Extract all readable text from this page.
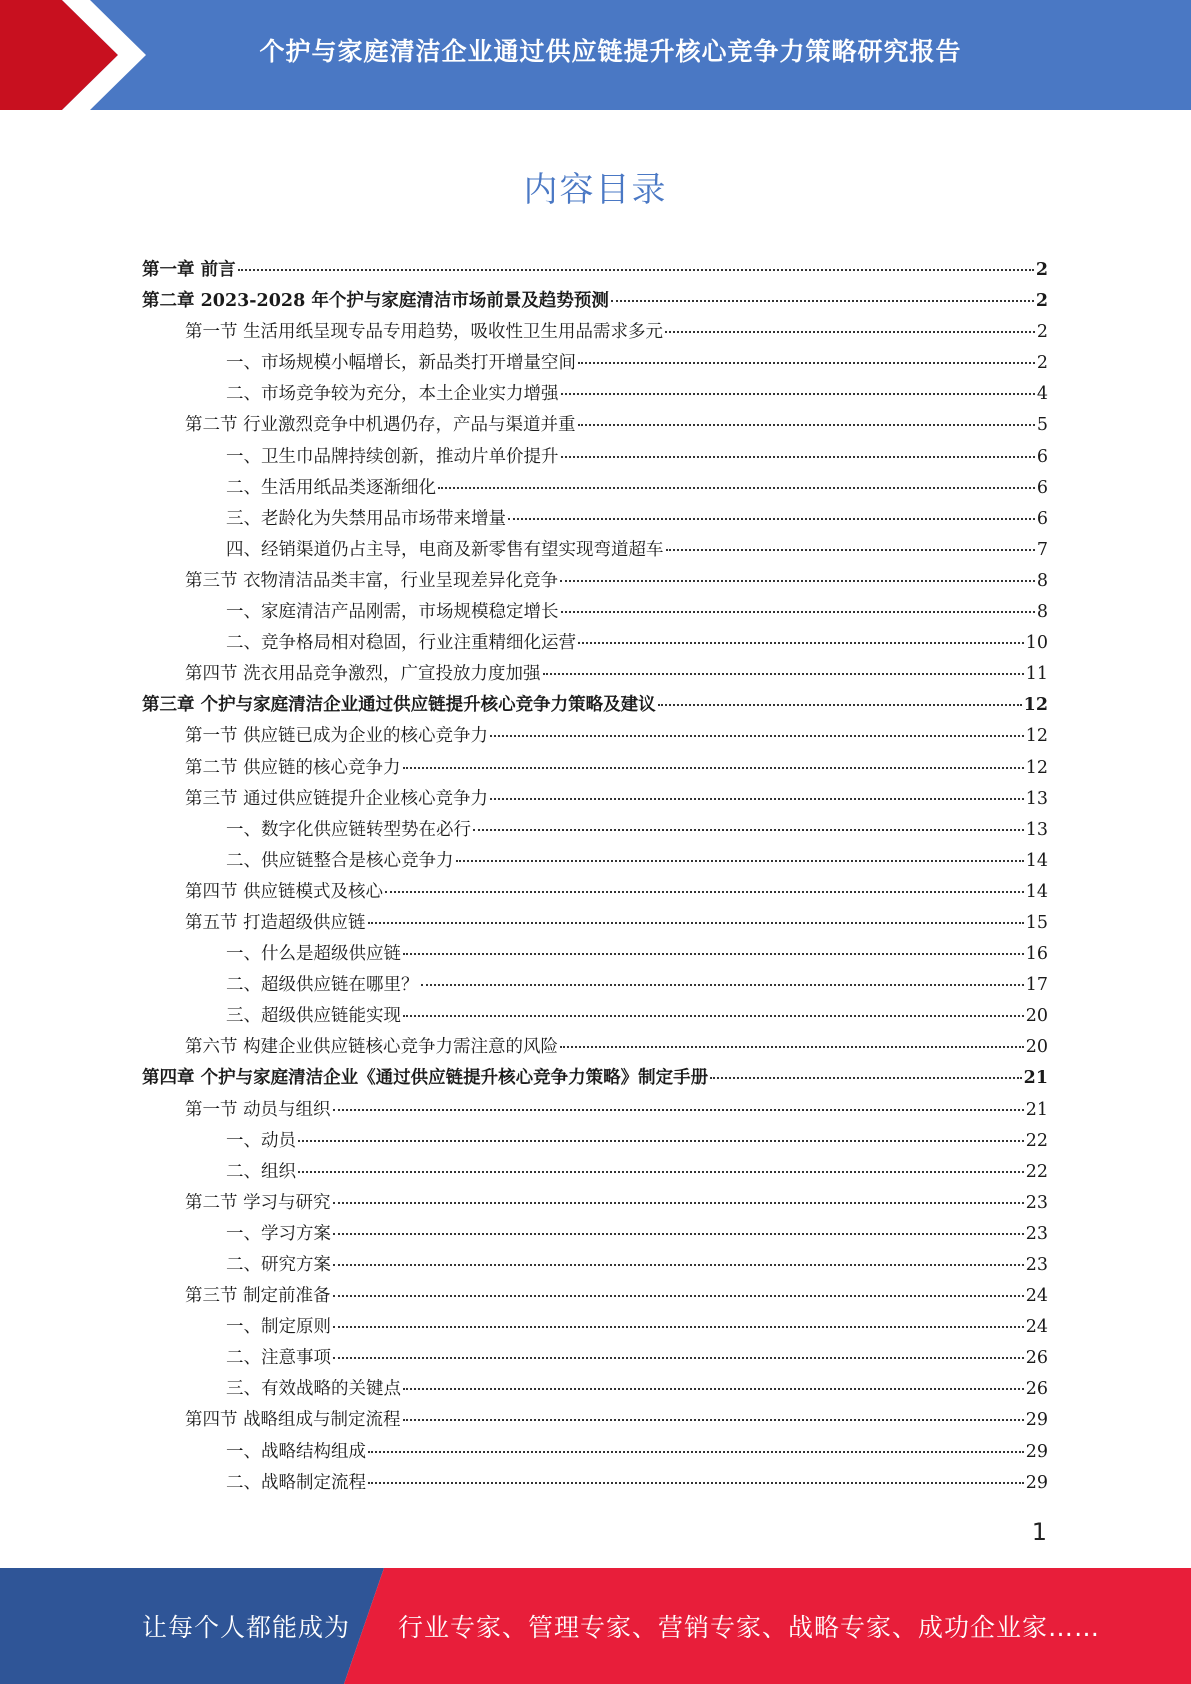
个护与家庭清洁企业通过供应链提升核心竞争力策略研究报告
内容目录
第一章 前言	2
第二章 2023-2028 年个护与家庭清洁市场前景及趋势预测	2
第一节 生活用纸呈现专品专用趋势，吸收性卫生用品需求多元	2
一、市场规模小幅增长，新品类打开增量空间	2
二、市场竞争较为充分，本土企业实力增强	4
第二节 行业激烈竞争中机遇仍存，产品与渠道并重	5
一、卫生巾品牌持续创新，推动片单价提升	6
二、生活用纸品类逐渐细化	6
三、老龄化为失禁用品市场带来增量	6
四、经销渠道仍占主导，电商及新零售有望实现弯道超车	7
第三节 衣物清洁品类丰富，行业呈现差异化竞争	8
一、家庭清洁产品刚需，市场规模稳定增长	8
二、竞争格局相对稳固，行业注重精细化运营	10
第四节 洗衣用品竞争激烈，广宣投放力度加强	11
第三章 个护与家庭清洁企业通过供应链提升核心竞争力策略及建议	12
第一节 供应链已成为企业的核心竞争力	12
第二节 供应链的核心竞争力	12
第三节 通过供应链提升企业核心竞争力	13
一、数字化供应链转型势在必行	13
二、供应链整合是核心竞争力	14
第四节 供应链模式及核心	14
第五节 打造超级供应链	15
一、什么是超级供应链	16
二、超级供应链在哪里？	17
三、超级供应链能实现	20
第六节 构建企业供应链核心竞争力需注意的风险	20
第四章 个护与家庭清洁企业《通过供应链提升核心竞争力策略》制定手册	21
第一节 动员与组织	21
一、动员	22
二、组织	22
第二节 学习与研究	23
一、学习方案	23
二、研究方案	23
第三节 制定前准备	24
一、制定原则	24
二、注意事项	26
三、有效战略的关键点	26
第四节 战略组成与制定流程	29
一、战略结构组成	29
二、战略制定流程	29
1
让每个人都能成为 行业专家、管理专家、营销专家、战略专家、成功企业家……
